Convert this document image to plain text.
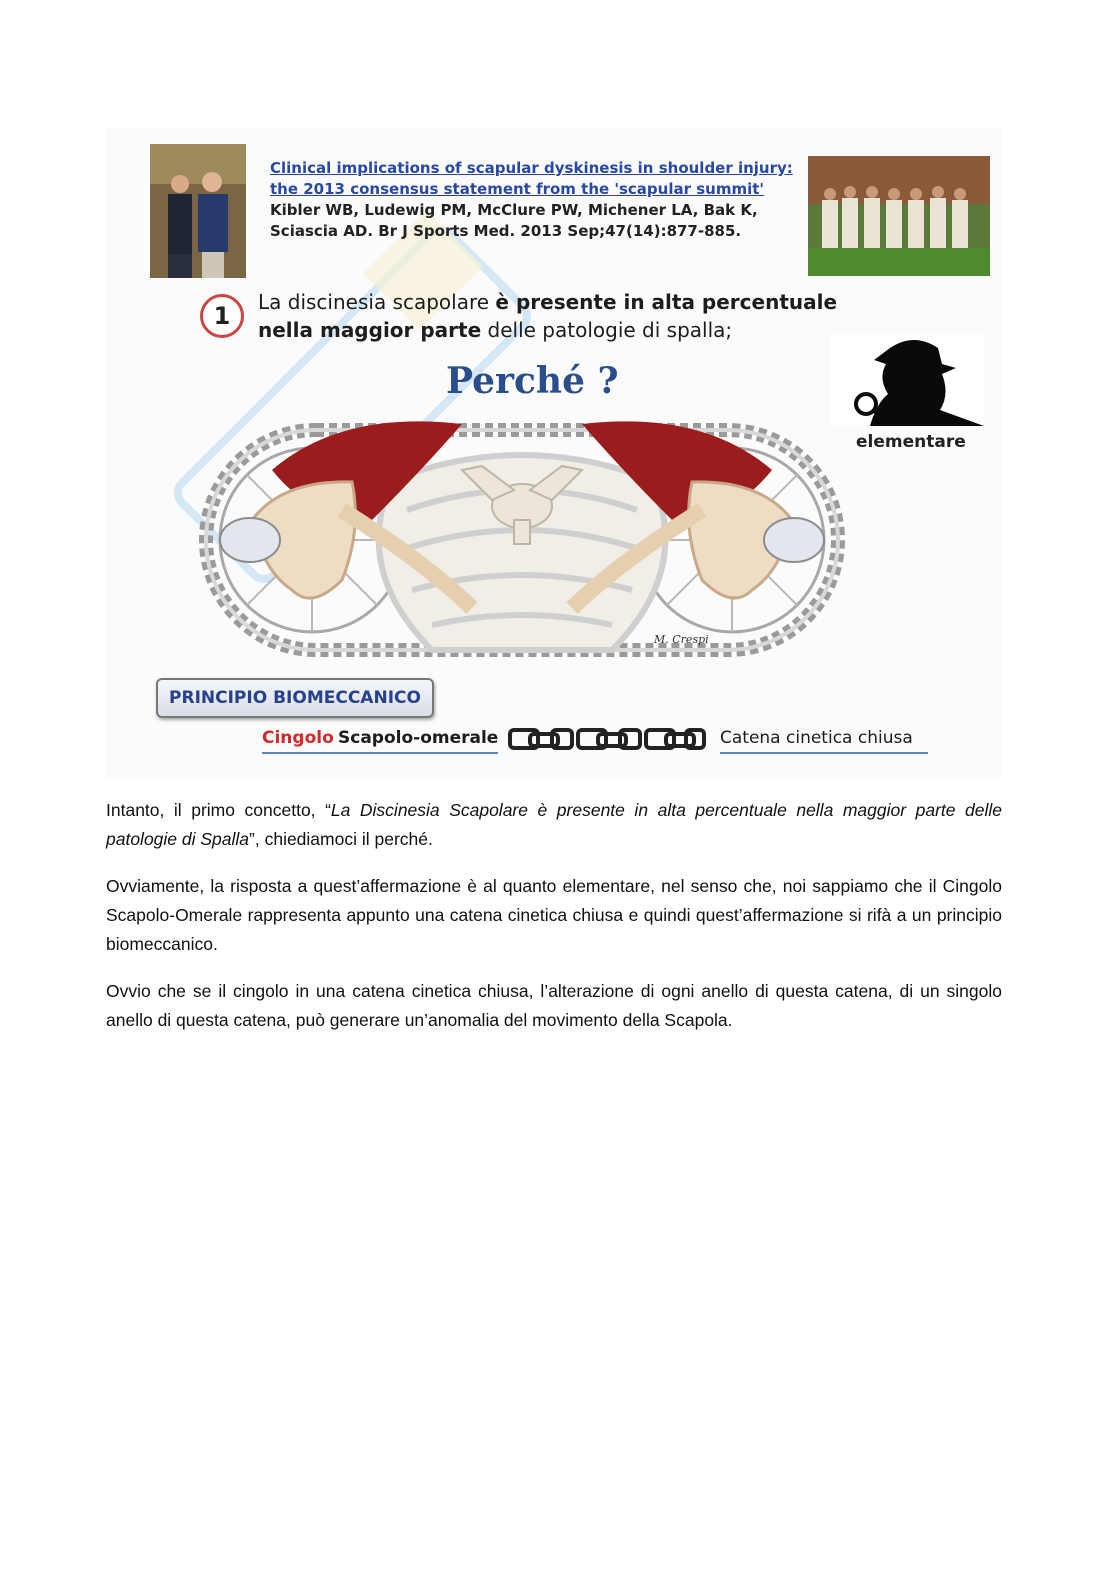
Clinical implications of scapular dyskinesis in shoulder injury:
the 2013 consensus statement from the 'scapular summit'
Kibler WB, Ludewig PM, McClure PW, Michener LA, Bak K,
Sciascia AD. Br J Sports Med. 2013 Sep;47(14):877-885.
1	La discinesia scapolare è presente in alta percentuale
nella maggior parte delle patologie di spalla;
Perché ?
elementare
M. Crespi
PRINCIPIO BIOMECCANICO
Cingolo Scapolo-omerale	Catena cinetica chiusa

Intanto, il primo concetto, “La Discinesia Scapolare è presente in alta percentuale nella maggior parte delle patologie di Spalla”, chiediamoci il perché.

Ovviamente, la risposta a quest’affermazione è al quanto elementare, nel senso che, noi sappiamo che il Cingolo Scapolo-Omerale rappresenta appunto una catena cinetica chiusa e quindi quest’affermazione si rifà a un principio biomeccanico.

Ovvio che se il cingolo in una catena cinetica chiusa, l’alterazione di ogni anello di questa catena, di un singolo anello di questa catena, può generare un’anomalia del movimento della Scapola.
